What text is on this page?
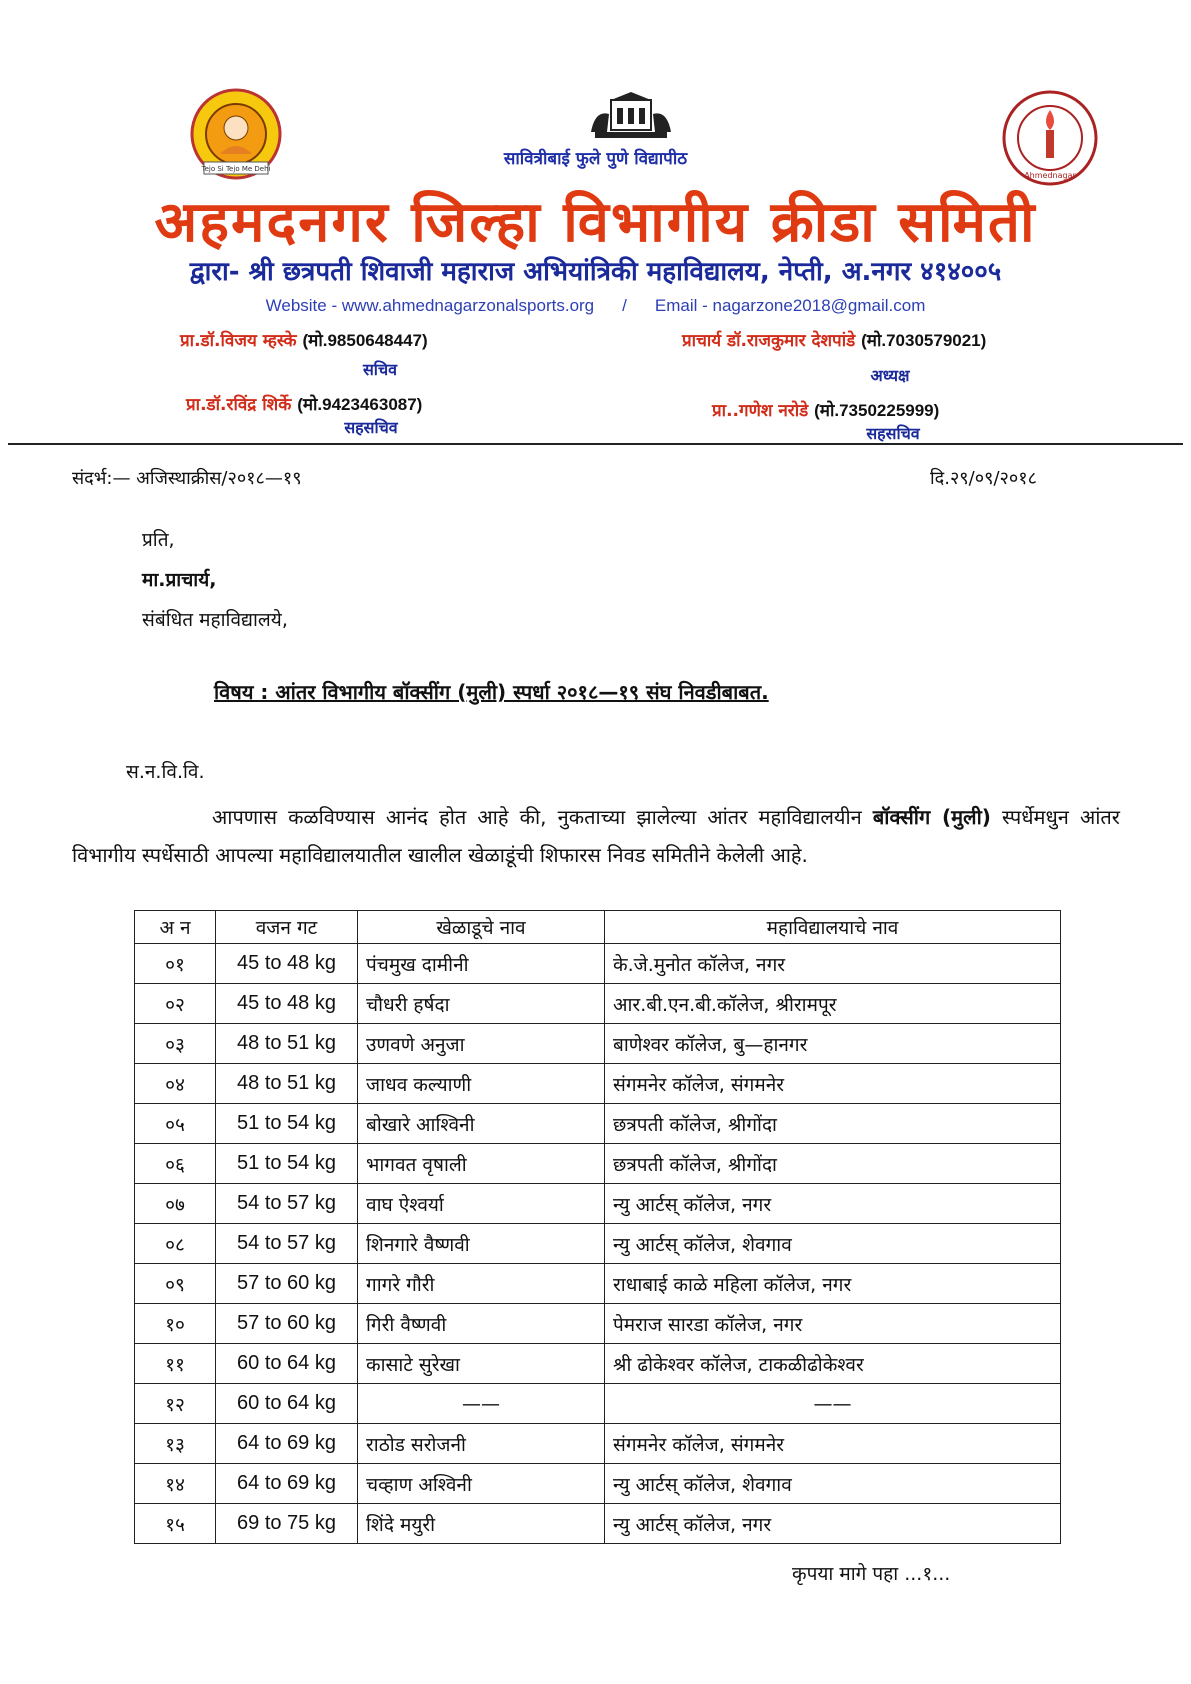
Tejo Si Tejo Me Dehi
Ahmednagar
सावित्रीबाई फुले पुणे विद्यापीठ
अहमदनगर जिल्हा विभागीय क्रीडा समिती
द्वारा- श्री छत्रपती शिवाजी महाराज अभियांत्रिकी महाविद्यालय, नेप्ती, अ.नगर ४१४००५
Website - www.ahmednagarzonalsports.org / Email - nagarzone2018@gmail.com
प्रा.डॉ.विजय म्हस्के (मो.9850648447)
सचिव
प्राचार्य डॉ.राजकुमार देशपांडे (मो.7030579021)
अध्यक्ष
प्रा.डॉ.रविंद्र शिर्के (मो.9423463087)
सहसचिव
प्रा..गणेश नरोडे (मो.7350225999)
सहसचिव
संदर्भ:— अजिस्थाक्रीस/२०१८—१९	दि.२९/०९/२०१८
प्रति,
मा.प्राचार्य,
संबंधित महाविद्यालये,
विषय : आंतर विभागीय बॉक्सींग (मुली) स्पर्धा २०१८—१९ संघ निवडीबाबत.
स.न.वि.वि.
आपणास कळविण्यास आनंद होत आहे की, नुकताच्या झालेल्या आंतर महाविद्यालयीन बॉक्सींग (मुली) स्पर्धेमधुन आंतर विभागीय स्पर्धेसाठी आपल्या महाविद्यालयातील खालील खेळाडूंची शिफारस निवड समितीने केलेली आहे.
अ न	वजन गट	खेळाडूचे नाव	महाविद्यालयाचे नाव
०१	45 to 48 kg	पंचमुख दामीनी	के.जे.मुनोत कॉलेज, नगर
०२	45 to 48 kg	चौधरी हर्षदा	आर.बी.एन.बी.कॉलेज, श्रीरामपूर
०३	48 to 51 kg	उणवणे अनुजा	बाणेश्वर कॉलेज, बु—हानगर
०४	48 to 51 kg	जाधव कल्याणी	संगमनेर कॉलेज, संगमनेर
०५	51 to 54 kg	बोखारे आश्विनी	छत्रपती कॉलेज, श्रीगोंदा
०६	51 to 54 kg	भागवत वृषाली	छत्रपती कॉलेज, श्रीगोंदा
०७	54 to 57 kg	वाघ ऐश्वर्या	न्यु आर्टस् कॉलेज, नगर
०८	54 to 57 kg	शिनगारे वैष्णवी	न्यु आर्टस् कॉलेज, शेवगाव
०९	57 to 60 kg	गागरे गौरी	राधाबाई काळे महिला कॉलेज, नगर
१०	57 to 60 kg	गिरी वैष्णवी	पेमराज सारडा कॉलेज, नगर
११	60 to 64 kg	कासाटे सुरेखा	श्री ढोकेश्वर कॉलेज, टाकळीढोकेश्वर
१२	60 to 64 kg	——	——
१३	64 to 69 kg	राठोड सरोजनी	संगमनेर कॉलेज, संगमनेर
१४	64 to 69 kg	चव्हाण अश्विनी	न्यु आर्टस् कॉलेज, शेवगाव
१५	69 to 75 kg	शिंदे मयुरी	न्यु आर्टस् कॉलेज, नगर
कृपया मागे पहा ...१...
